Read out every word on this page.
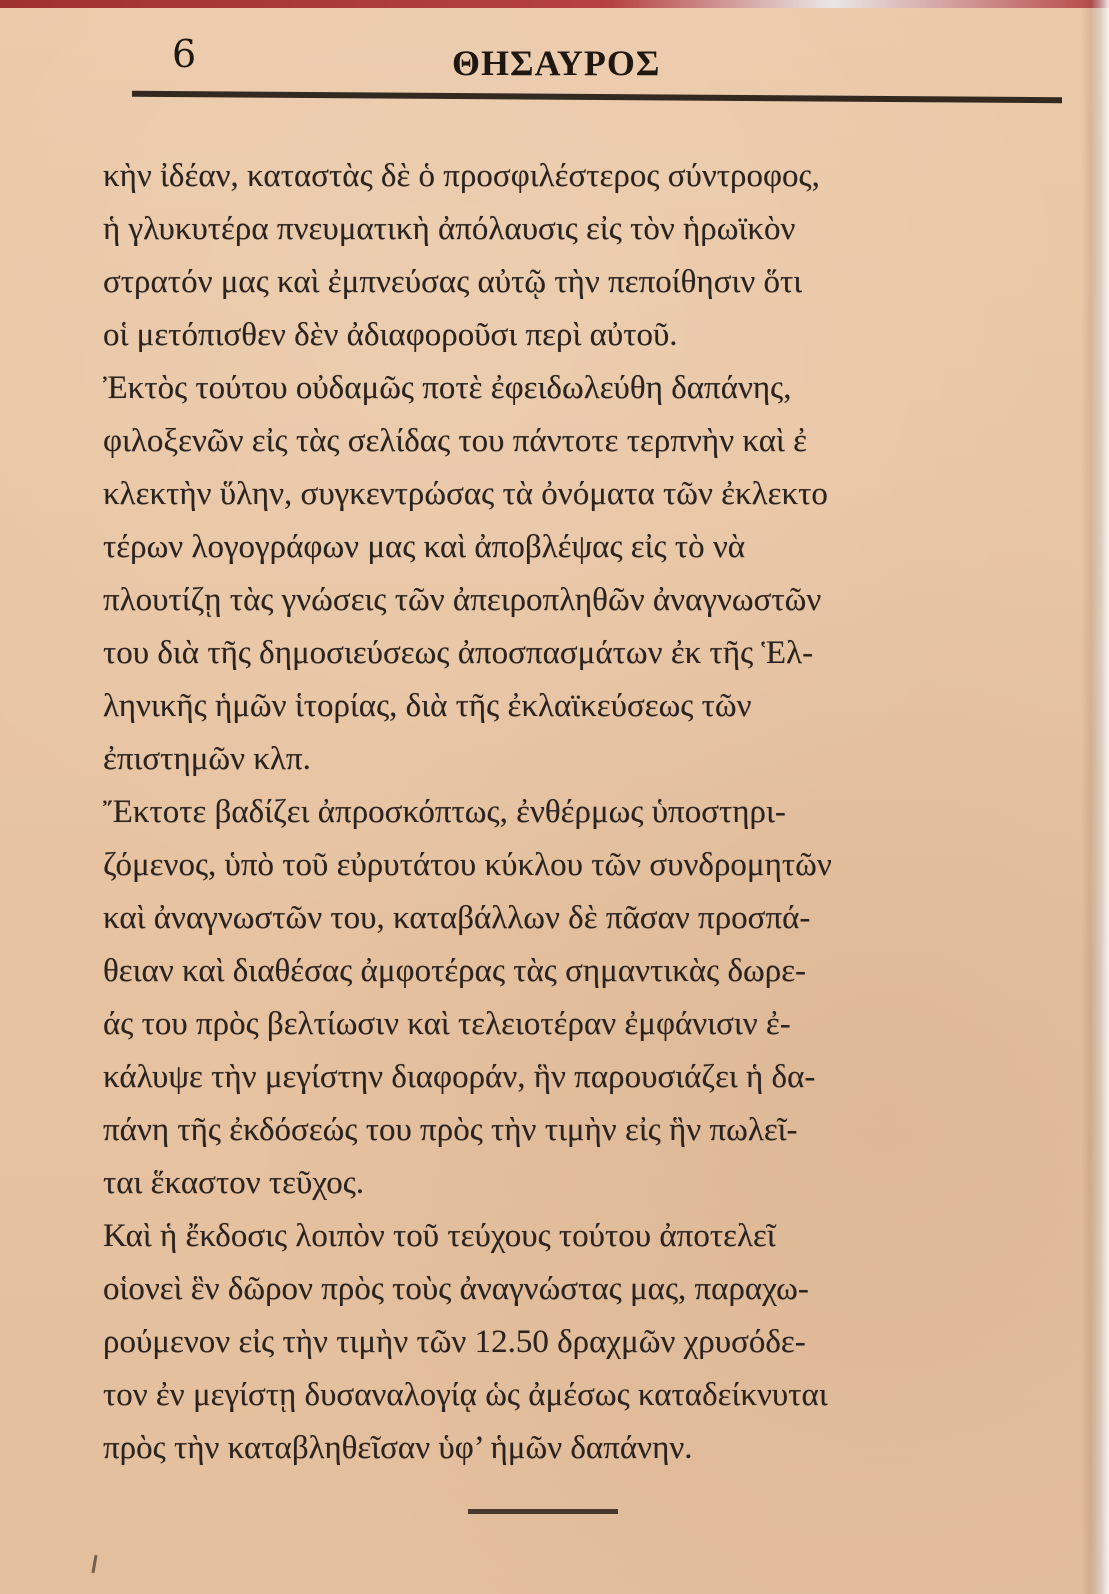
6	ΘΗΣΑΥΡΟΣ
κὴν ἰδέαν, καταστὰς δὲ ὁ προσφιλέστερος σύντροφος,
ἡ γλυκυτέρα πνευματικὴ ἀπόλαυσις εἰς τὸν ἡρωϊκὸν
στρατόν μας καὶ ἐμπνεύσας αὐτῷ τὴν πεποίθησιν ὅτι
οἱ μετόπισθεν δὲν ἀδιαφοροῦσι περὶ αὐτοῦ.
Ἐκτὸς τούτου οὐδαμῶς ποτὲ ἐφειδωλεύθη δαπάνης,
φιλοξενῶν εἰς τὰς σελίδας του πάντοτε τερπνὴν καὶ ἐ
κλεκτὴν ὕλην, συγκεντρώσας τὰ ὀνόματα τῶν ἐκλεκτο
τέρων λογογράφων μας καὶ ἀποβλέψας εἰς τὸ νὰ
πλουτίζῃ τὰς γνώσεις τῶν ἀπειροπληθῶν ἀναγνωστῶν
του διὰ τῆς δημοσιεύσεως ἀποσπασμάτων ἐκ τῆς Ἑλ-
ληνικῆς ἡμῶν ἱτορίας, διὰ τῆς ἐκλαϊκεύσεως τῶν
ἐπιστημῶν κλπ.
Ἔκτοτε βαδίζει ἀπροσκόπτως, ἐνθέρμως ὑποστηρι-
ζόμενος, ὑπὸ τοῦ εὐρυτάτου κύκλου τῶν συνδρομητῶν
καὶ ἀναγνωστῶν του, καταβάλλων δὲ πᾶσαν προσπά-
θειαν καὶ διαθέσας ἀμφοτέρας τὰς σημαντικὰς δωρε-
άς του πρὸς βελτίωσιν καὶ τελειοτέραν ἐμφάνισιν ἐ-
κάλυψε τὴν μεγίστην διαφοράν, ἣν παρουσιάζει ἡ δα-
πάνη τῆς ἐκδόσεώς του πρὸς τὴν τιμὴν εἰς ἣν πωλεῖ-
ται ἕκαστον τεῦχος.
Καὶ ἡ ἔκδοσις λοιπὸν τοῦ τεύχους τούτου ἀποτελεῖ
οἱονεὶ ἓν δῶρον πρὸς τοὺς ἀναγνώστας μας, παραχω-
ρούμενον εἰς τὴν τιμὴν τῶν 12.50 δραχμῶν χρυσόδε-
τον ἐν μεγίστῃ δυσαναλογίᾳ ὡς ἀμέσως καταδείκνυται
πρὸς τὴν καταβληθεῖσαν ὑφ’ ἡμῶν δαπάνην.
